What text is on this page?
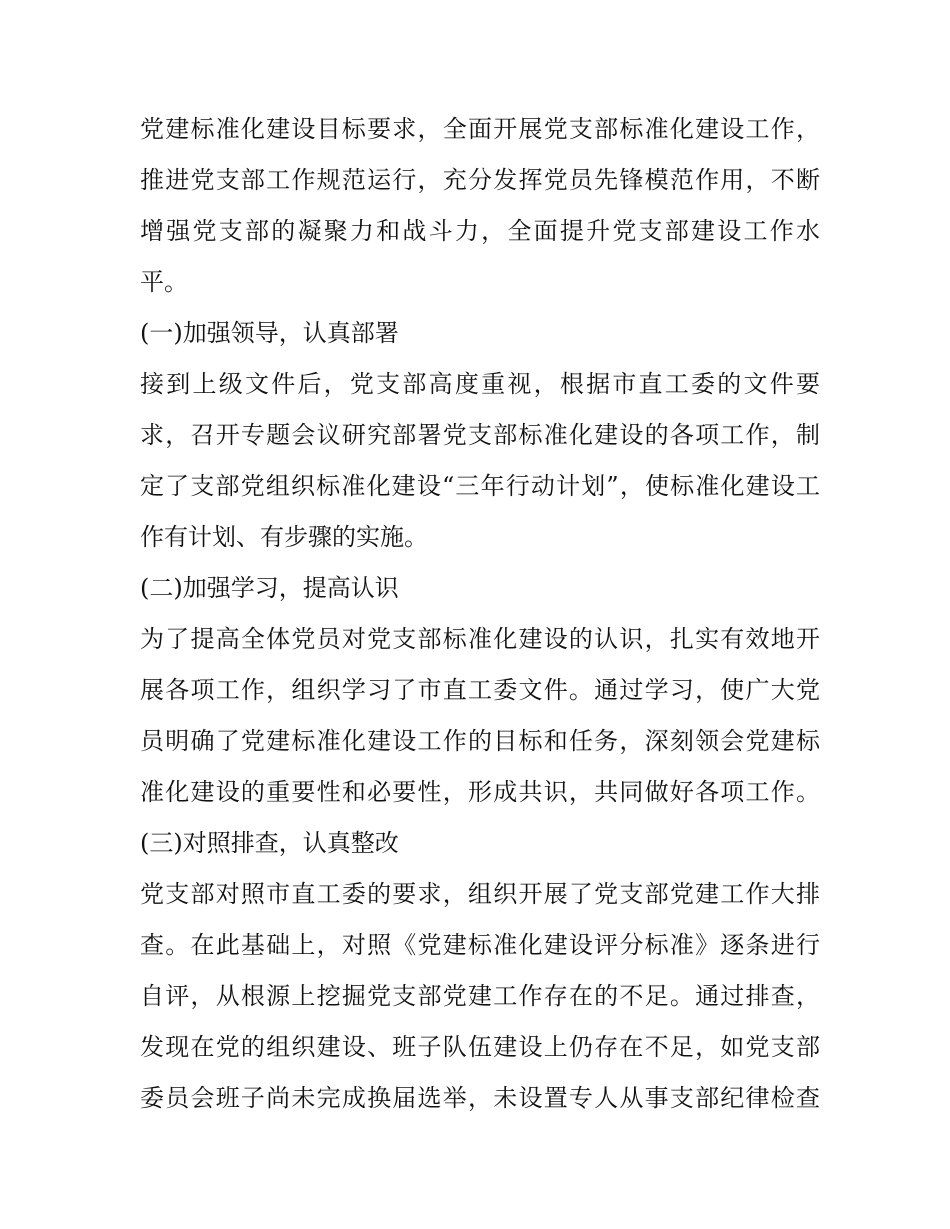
党建标准化建设目标要求，全面开展党支部标准化建设工作，
推进党支部工作规范运行，充分发挥党员先锋模范作用，不断
增强党支部的凝聚力和战斗力，全面提升党支部建设工作水
平。
(一)加强领导，认真部署
接到上级文件后，党支部高度重视，根据市直工委的文件要
求，召开专题会议研究部署党支部标准化建设的各项工作，制
定了支部党组织标准化建设“三年行动计划”，使标准化建设工
作有计划、有步骤的实施。
(二)加强学习，提高认识
为了提高全体党员对党支部标准化建设的认识，扎实有效地开
展各项工作，组织学习了市直工委文件。通过学习，使广大党
员明确了党建标准化建设工作的目标和任务，深刻领会党建标
准化建设的重要性和必要性，形成共识，共同做好各项工作。
(三)对照排查，认真整改
党支部对照市直工委的要求，组织开展了党支部党建工作大排
查。在此基础上，对照《党建标准化建设评分标准》逐条进行
自评，从根源上挖掘党支部党建工作存在的不足。通过排查，
发现在党的组织建设、班子队伍建设上仍存在不足，如党支部
委员会班子尚未完成换届选举，未设置专人从事支部纪律检查
